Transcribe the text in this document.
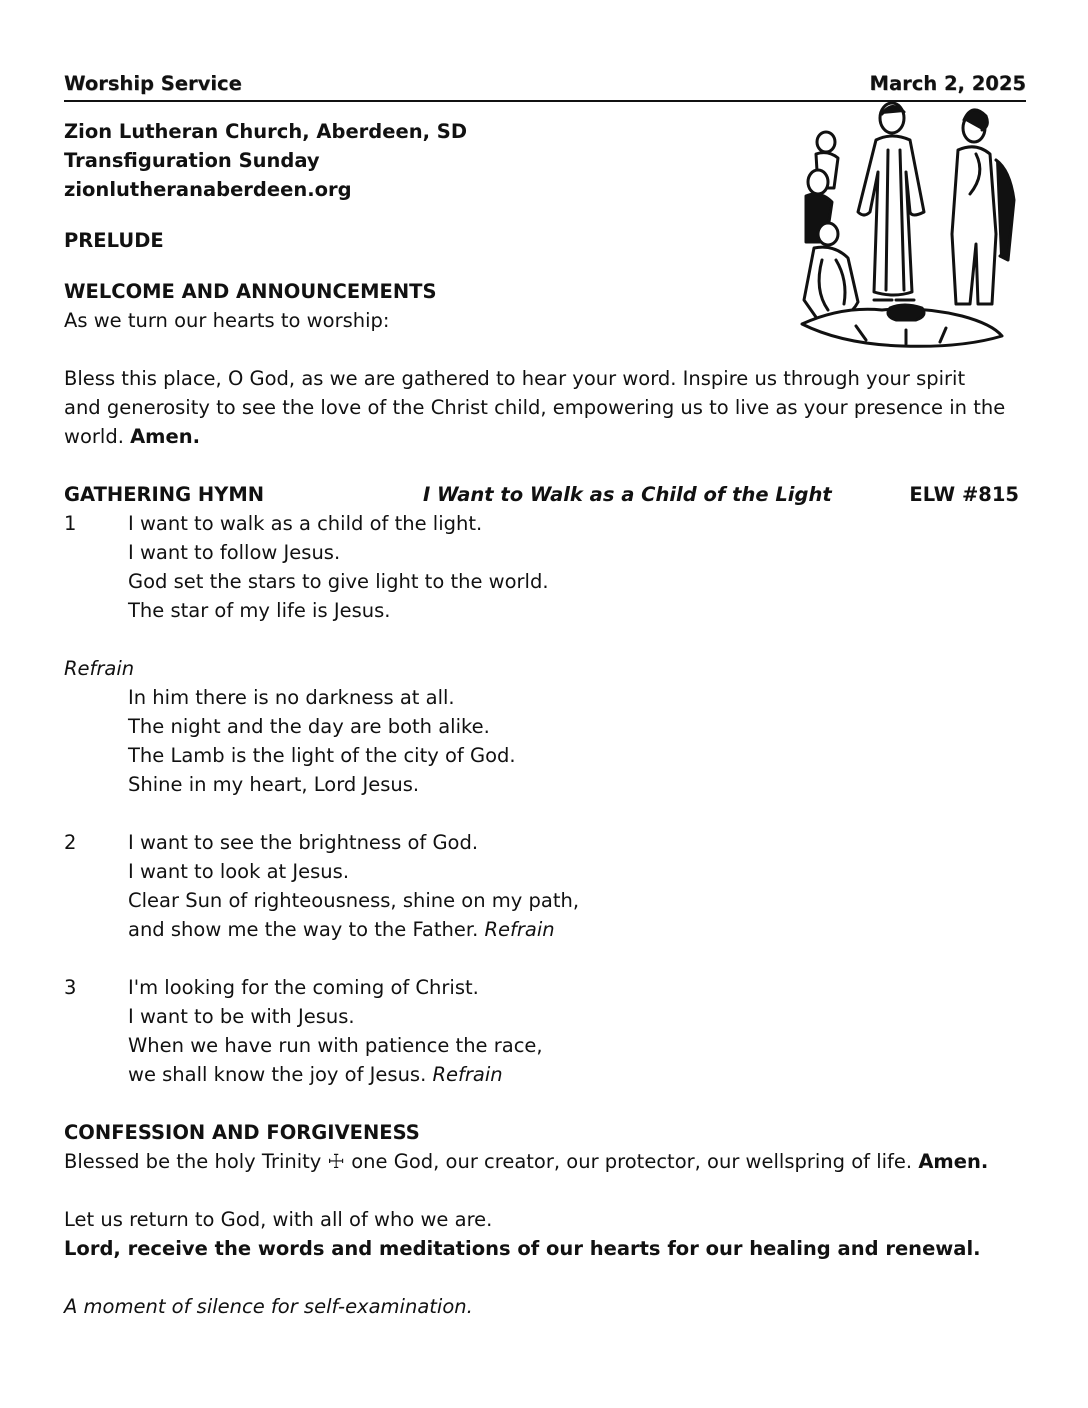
Worship Service	March 2, 2025
Zion Lutheran Church, Aberdeen, SD
Transfiguration Sunday
zionlutheranaberdeen.org
PRELUDE
WELCOME AND ANNOUNCEMENTS
As we turn our hearts to worship:
Bless this place, O God, as we are gathered to hear your word. Inspire us through your spirit
and generosity to see the love of the Christ child, empowering us to live as your presence in the
world. Amen.
GATHERING HYMN	I Want to Walk as a Child of the Light	ELW #815
1	I want to walk as a child of the light.
I want to follow Jesus.
God set the stars to give light to the world.
The star of my life is Jesus.
Refrain
In him there is no darkness at all.
The night and the day are both alike.
The Lamb is the light of the city of God.
Shine in my heart, Lord Jesus.
2	I want to see the brightness of God.
I want to look at Jesus.
Clear Sun of righteousness, shine on my path,
and show me the way to the Father. Refrain
3	I'm looking for the coming of Christ.
I want to be with Jesus.
When we have run with patience the race,
we shall know the joy of Jesus. Refrain
CONFESSION AND FORGIVENESS
Blessed be the holy Trinity ☩ one God, our creator, our protector, our wellspring of life. Amen.
Let us return to God, with all of who we are.
Lord, receive the words and meditations of our hearts for our healing and renewal.
A moment of silence for self-examination.
